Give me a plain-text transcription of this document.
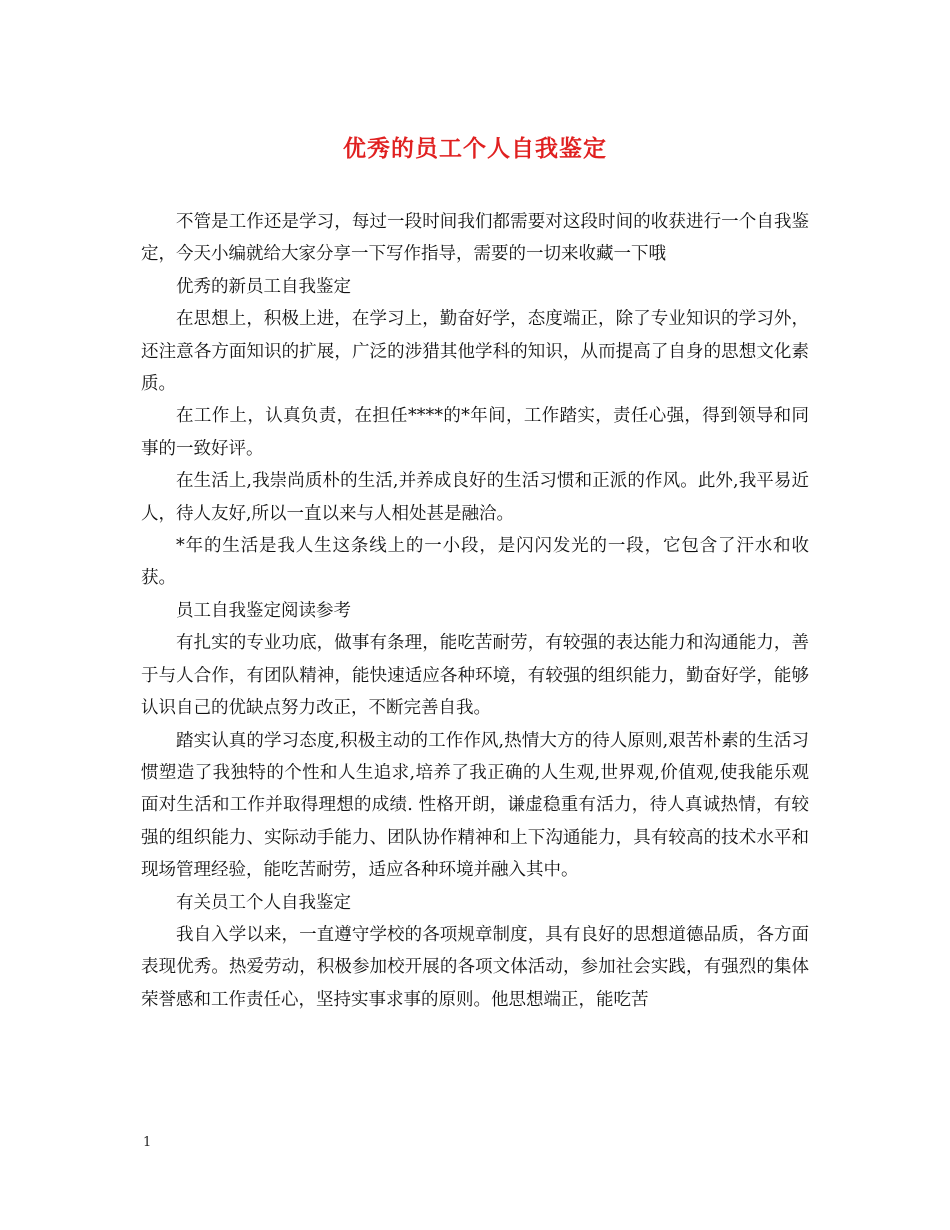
优秀的员工个人自我鉴定

不管是工作还是学习，每过一段时间我们都需要对这段时间的收获进行一个自我鉴定，今天小编就给大家分享一下写作指导，需要的一切来收藏一下哦

优秀的新员工自我鉴定

在思想上，积极上进，在学习上，勤奋好学，态度端正，除了专业知识的学习外，还注意各方面知识的扩展，广泛的涉猎其他学科的知识，从而提高了自身的思想文化素质。

在工作上，认真负责，在担任****的*年间，工作踏实，责任心强，得到领导和同事的一致好评。

在生活上,我崇尚质朴的生活,并养成良好的生活习惯和正派的作风。此外,我平易近人，待人友好,所以一直以来与人相处甚是融洽。

*年的生活是我人生这条线上的一小段，是闪闪发光的一段，它包含了汗水和收获。

员工自我鉴定阅读参考

有扎实的专业功底，做事有条理，能吃苦耐劳，有较强的表达能力和沟通能力，善于与人合作，有团队精神，能快速适应各种环境，有较强的组织能力，勤奋好学，能够认识自己的优缺点努力改正，不断完善自我。

踏实认真的学习态度,积极主动的工作作风,热情大方的待人原则,艰苦朴素的生活习惯塑造了我独特的个性和人生追求,培养了我正确的人生观,世界观,价值观,使我能乐观面对生活和工作并取得理想的成绩. 性格开朗，谦虚稳重有活力，待人真诚热情，有较强的组织能力、实际动手能力、团队协作精神和上下沟通能力，具有较高的技术水平和现场管理经验，能吃苦耐劳，适应各种环境并融入其中。

有关员工个人自我鉴定

我自入学以来，一直遵守学校的各项规章制度，具有良好的思想道德品质，各方面表现优秀。热爱劳动，积极参加校开展的各项文体活动，参加社会实践，有强烈的集体荣誉感和工作责任心，坚持实事求事的原则。他思想端正，能吃苦

1
